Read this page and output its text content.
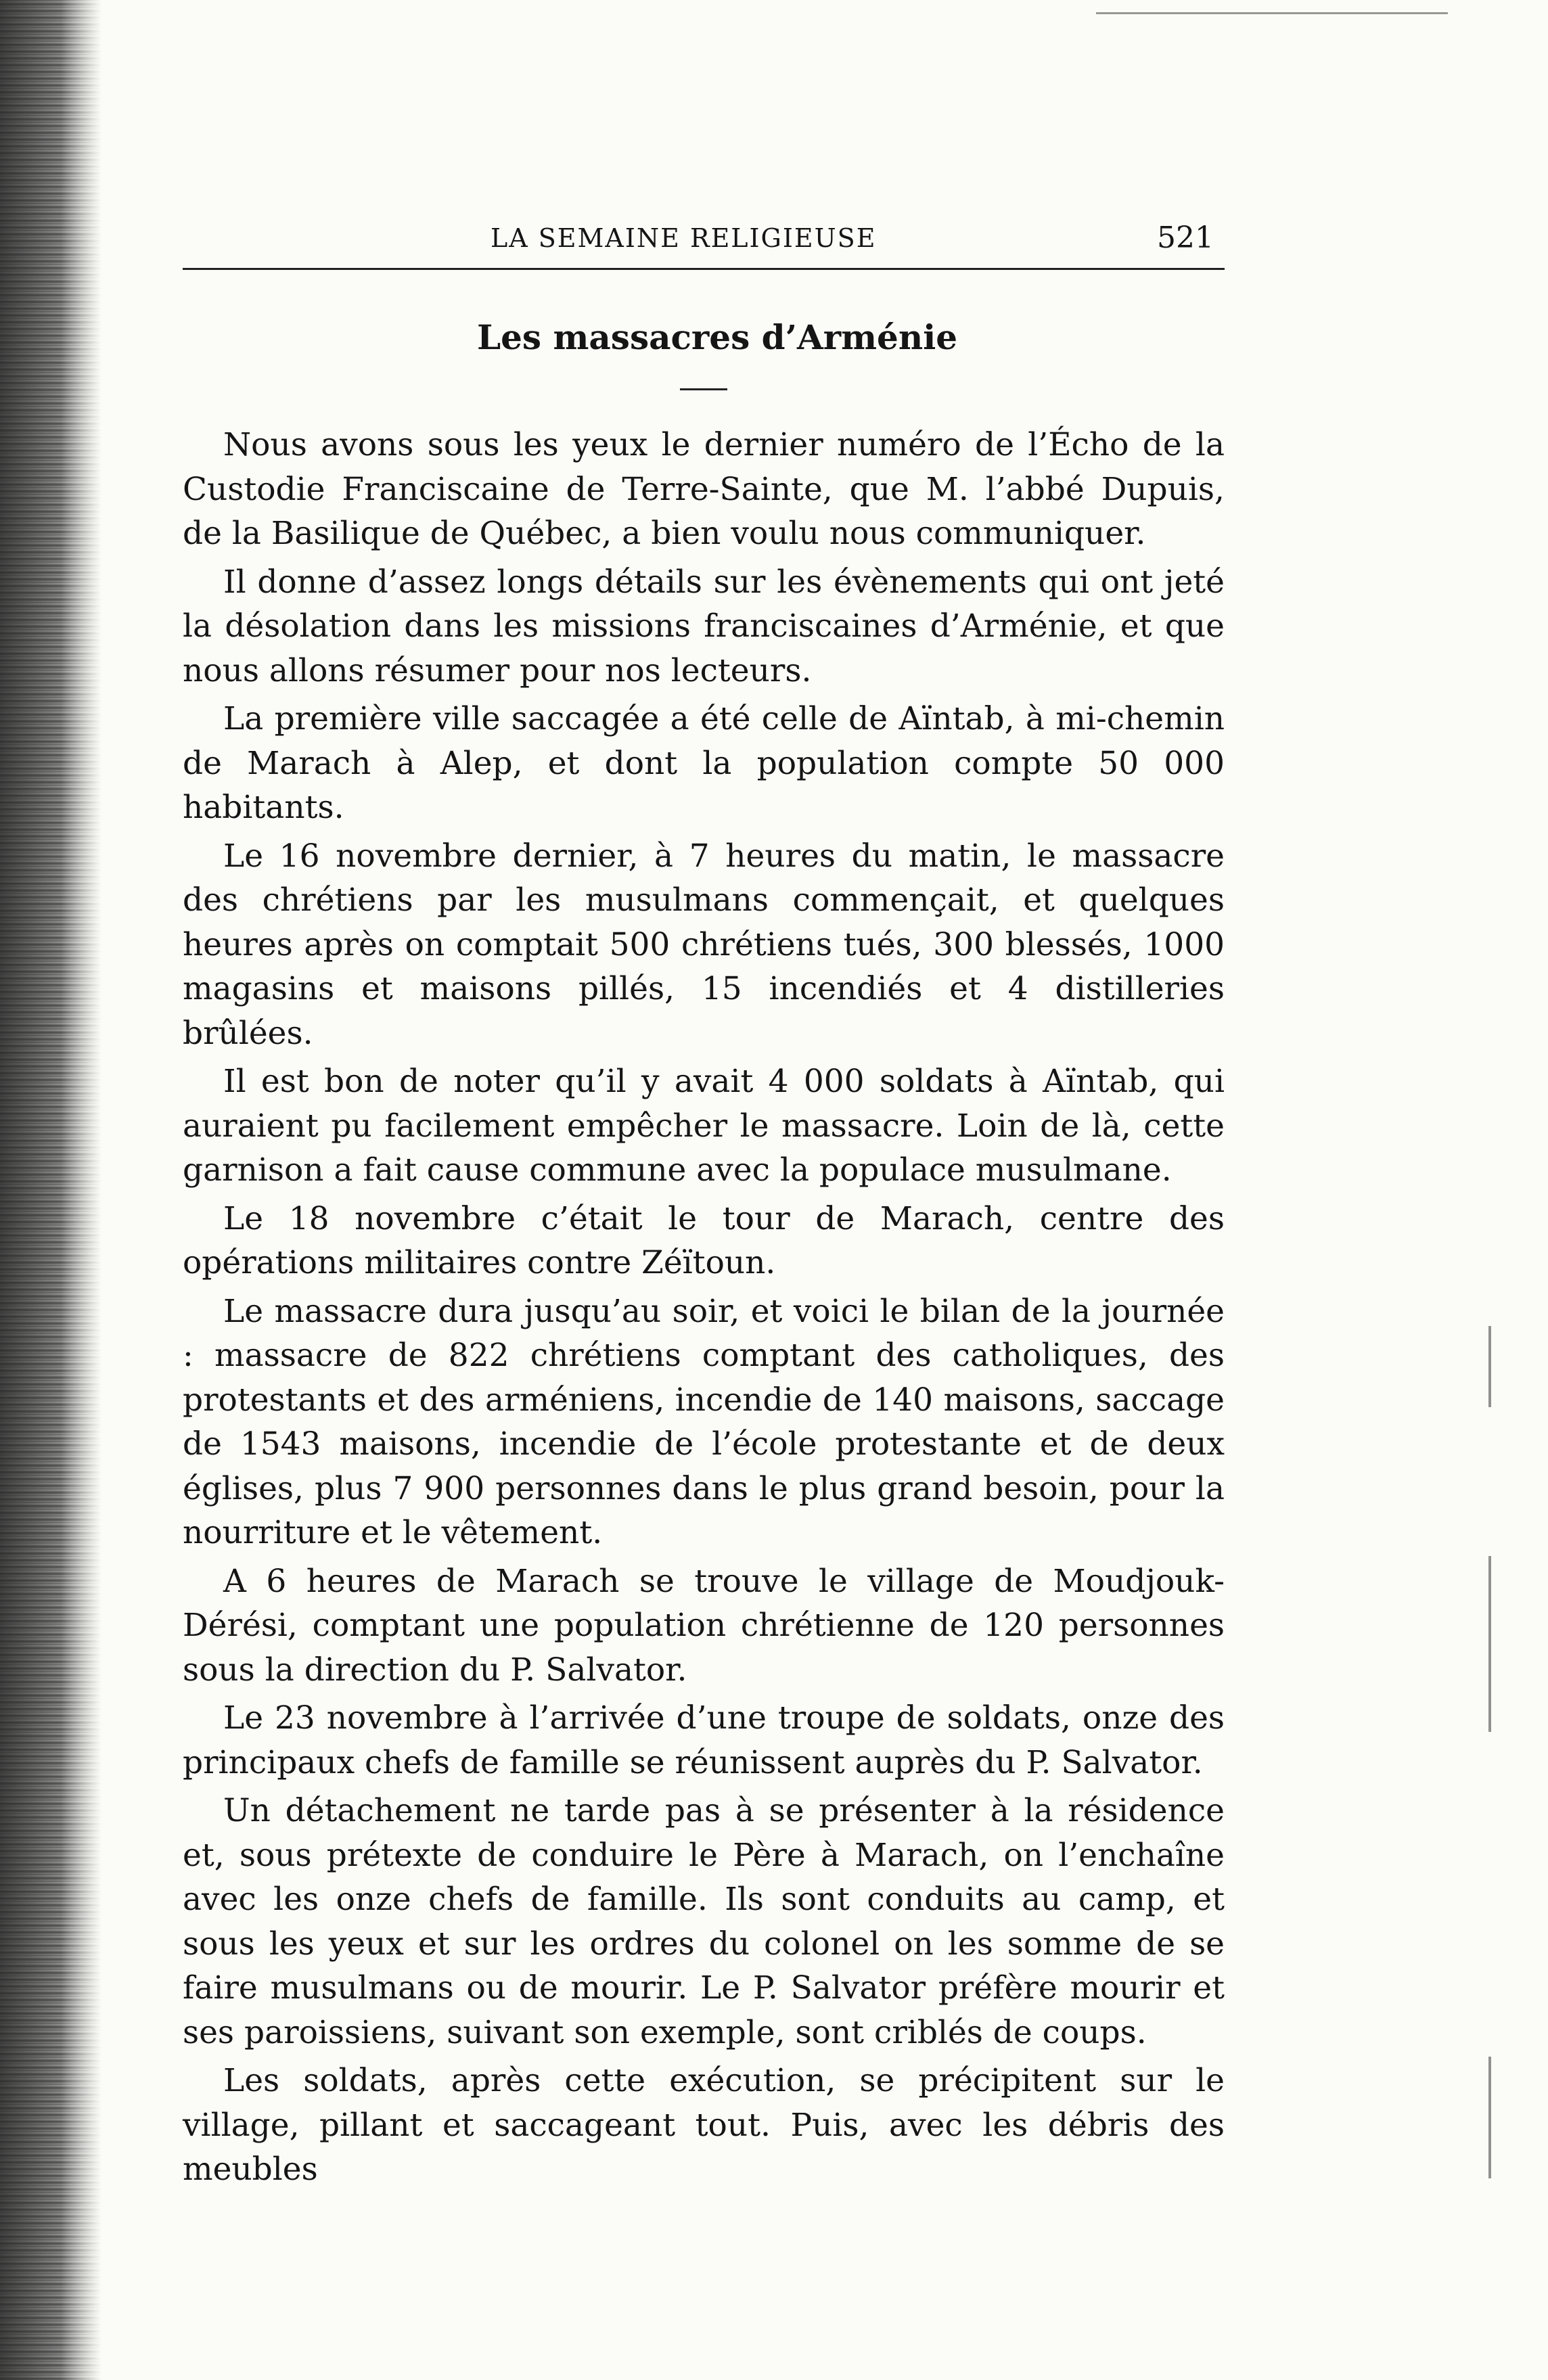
LA SEMAINE RELIGIEUSE	521
Les massacres d’Arménie

Nous avons sous les yeux le dernier numéro de l’Écho de la Custodie Franciscaine de Terre-Sainte, que M. l’abbé Dupuis, de la Basilique de Québec, a bien voulu nous communiquer.

Il donne d’assez longs détails sur les évènements qui ont jeté la désolation dans les missions franciscaines d’Arménie, et que nous allons résumer pour nos lecteurs.

La première ville saccagée a été celle de Aïntab, à mi-chemin de Marach à Alep, et dont la population compte 50 000 habitants.

Le 16 novembre dernier, à 7 heures du matin, le massacre des chrétiens par les musulmans commençait, et quelques heures après on comptait 500 chrétiens tués, 300 blessés, 1000 magasins et maisons pillés, 15 incendiés et 4 distilleries brûlées.

Il est bon de noter qu’il y avait 4 000 soldats à Aïntab, qui auraient pu facilement empêcher le massacre. Loin de là, cette garnison a fait cause commune avec la populace musulmane.

Le 18 novembre c’était le tour de Marach, centre des opérations militaires contre Zéïtoun.

Le massacre dura jusqu’au soir, et voici le bilan de la journée : massacre de 822 chrétiens comptant des catholiques, des protestants et des arméniens, incendie de 140 maisons, saccage de 1543 maisons, incendie de l’école protestante et de deux églises, plus 7 900 personnes dans le plus grand besoin, pour la nourriture et le vêtement.

A 6 heures de Marach se trouve le village de Moudjouk-Dérési, comptant une population chrétienne de 120 personnes sous la direction du P. Salvator.

Le 23 novembre à l’arrivée d’une troupe de soldats, onze des principaux chefs de famille se réunissent auprès du P. Salvator.

Un détachement ne tarde pas à se présenter à la résidence et, sous prétexte de conduire le Père à Marach, on l’enchaîne avec les onze chefs de famille. Ils sont conduits au camp, et sous les yeux et sur les ordres du colonel on les somme de se faire musulmans ou de mourir. Le P. Salvator préfère mourir et ses paroissiens, suivant son exemple, sont criblés de coups.

Les soldats, après cette exécution, se précipitent sur le village, pillant et saccageant tout. Puis, avec les débris des meubles
